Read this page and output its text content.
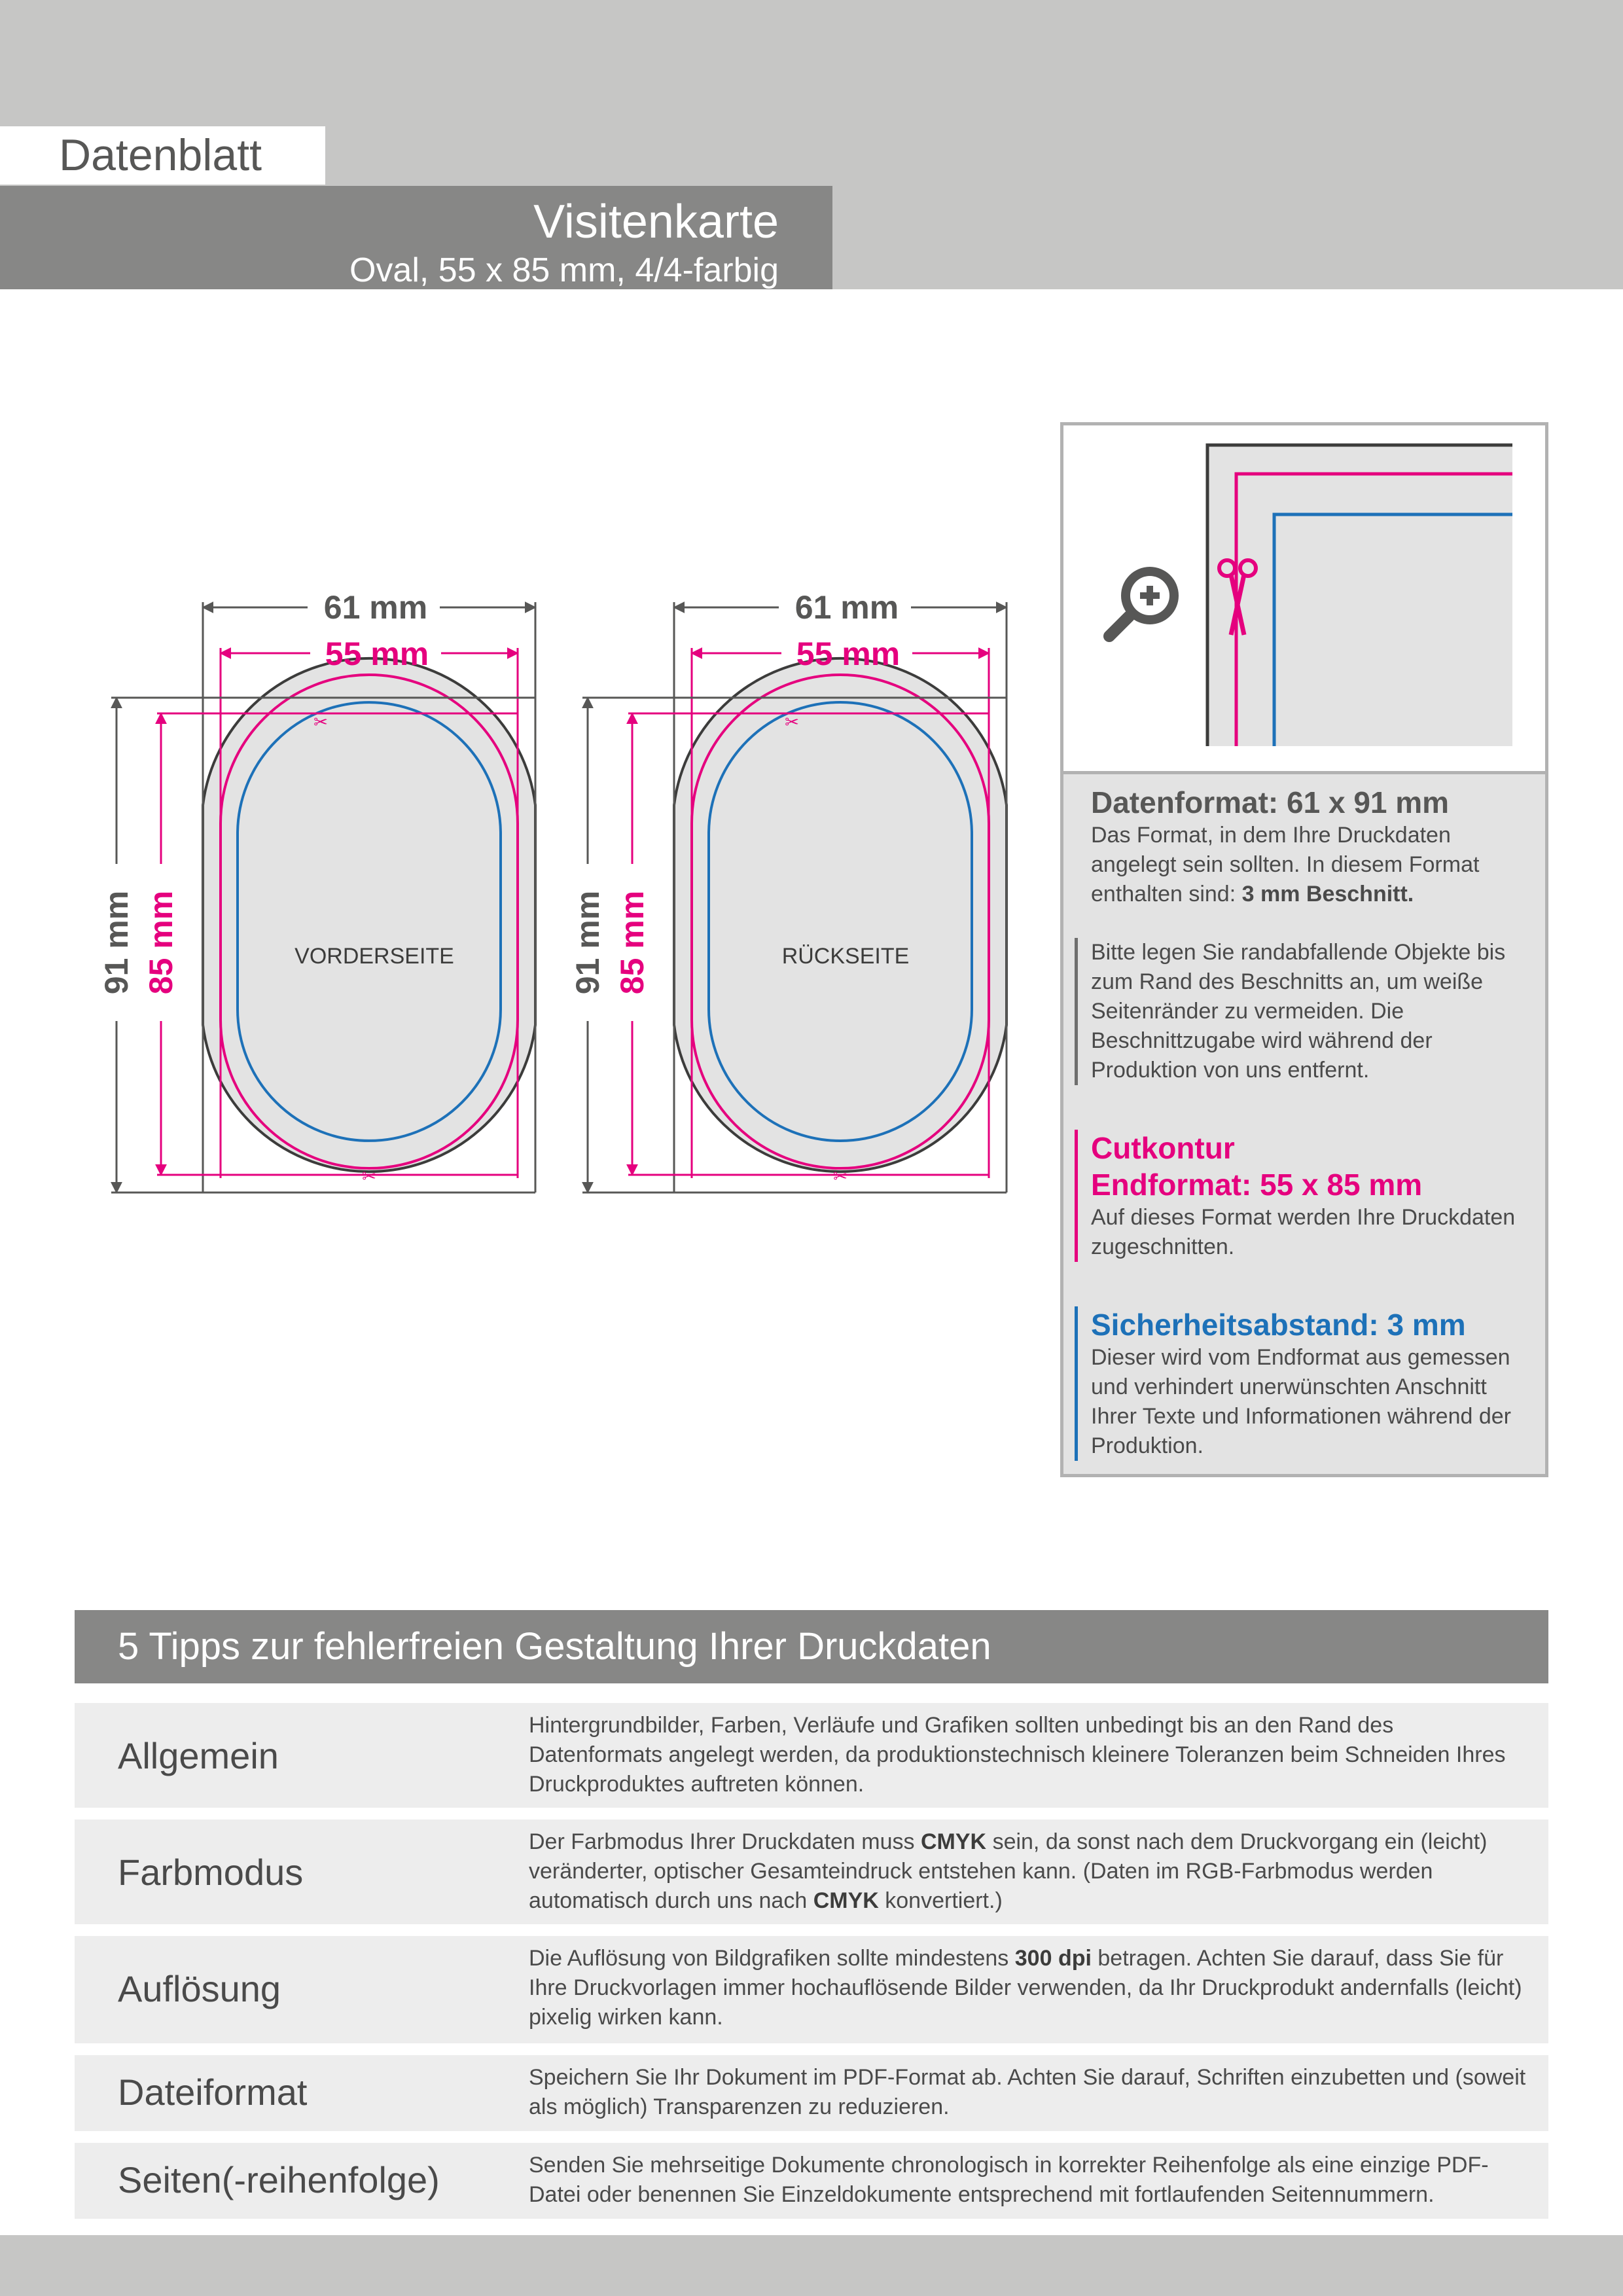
Datenblatt
Visitenkarte
Oval, 55 x 85 mm, 4/4-farbig
61 mm
55 mm
91 mm 85 mm
✂
✂
VORDERSEITE
61 mm
55 mm
91 mm 85 mm
✂
✂
RÜCKSEITE
Datenformat: 61 x 91 mm
Das Format, in dem Ihre Druckdaten angelegt sein sollten. In diesem Format enthalten sind: 3 mm Beschnitt.
Bitte legen Sie randabfallende Objekte bis zum Rand des Beschnitts an, um weiße Seitenränder zu vermeiden. Die Beschnittzugabe wird während der Produktion von uns entfernt.
Cutkontur
Endformat: 55 x 85 mm
Auf dieses Format werden Ihre Druckdaten zugeschnitten.
Sicherheitsabstand: 3 mm
Dieser wird vom Endformat aus gemessen und verhindert unerwünschten Anschnitt Ihrer Texte und Informationen während der Produktion.
5 Tipps zur fehlerfreien Gestaltung Ihrer Druckdaten
Allgemein
Hintergrundbilder, Farben, Verläufe und Grafiken sollten unbedingt bis an den Rand des Datenformats angelegt werden, da produktionstechnisch kleinere Toleranzen beim Schneiden Ihres Druckproduktes auftreten können.
Farbmodus
Der Farbmodus Ihrer Druckdaten muss CMYK sein, da sonst nach dem Druckvorgang ein (leicht) veränderter, optischer Gesamteindruck entstehen kann. (Daten im RGB-Farbmodus werden automatisch durch uns nach CMYK konvertiert.)
Auflösung
Die Auflösung von Bildgrafiken sollte mindestens 300 dpi betragen. Achten Sie darauf, dass Sie für Ihre Druckvorlagen immer hochauflösende Bilder verwenden, da Ihr Druckprodukt andernfalls (leicht) pixelig wirken kann.
Dateiformat	Speichern Sie Ihr Dokument im PDF-Format ab. Achten Sie darauf, Schriften einzubetten und (soweit als möglich) Transparenzen zu reduzieren.
Seiten(-reihenfolge)	Senden Sie mehrseitige Dokumente chronologisch in korrekter Reihenfolge als eine einzige PDF-Datei oder benennen Sie Einzeldokumente entsprechend mit fortlaufenden Seitennummern.
